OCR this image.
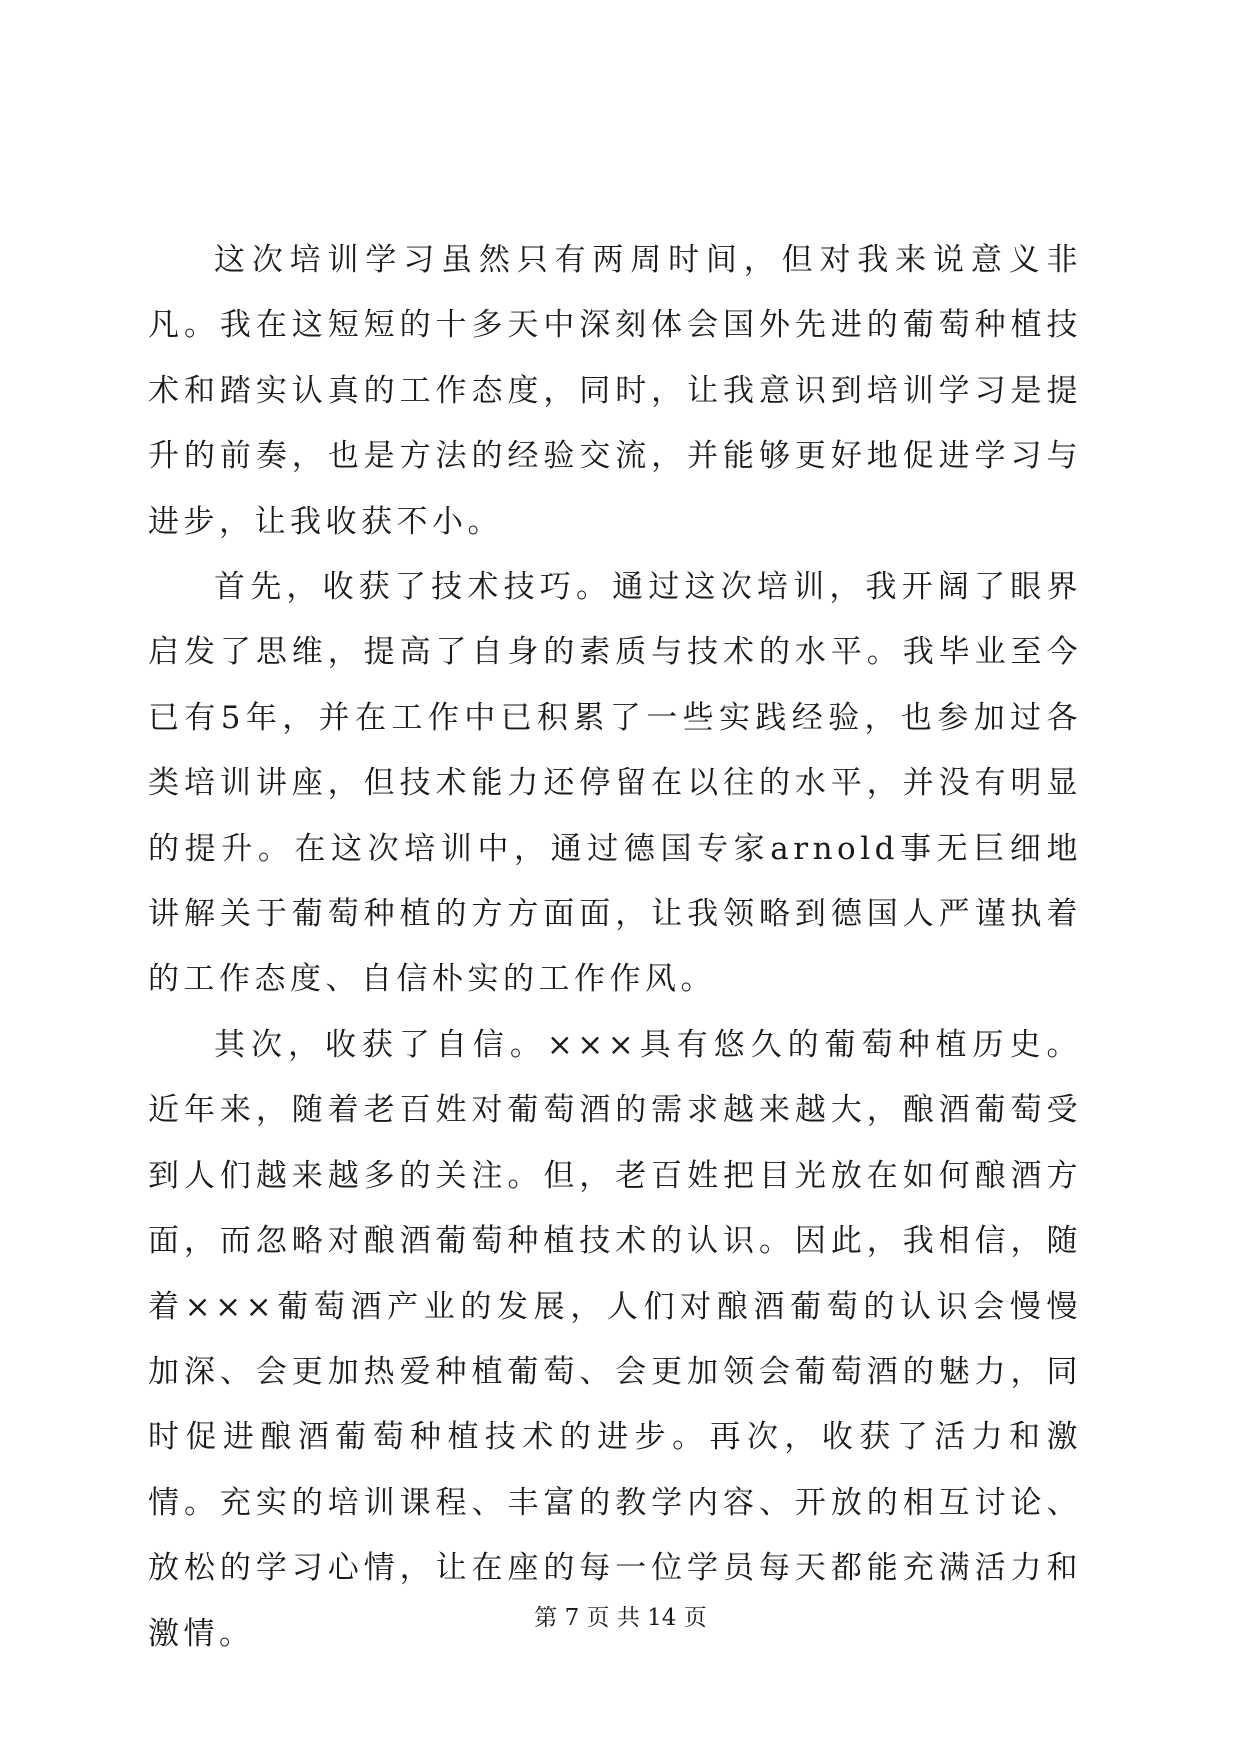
这次培训学习虽然只有两周时间，但对我来说意义非凡。我在这短短的十多天中深刻体会国外先进的葡萄种植技术和踏实认真的工作态度，同时，让我意识到培训学习是提升的前奏，也是方法的经验交流，并能够更好地促进学习与进步，让我收获不小。

首先，收获了技术技巧。通过这次培训，我开阔了眼界启发了思维，提高了自身的素质与技术的水平。我毕业至今已有5年，并在工作中已积累了一些实践经验，也参加过各类培训讲座，但技术能力还停留在以往的水平，并没有明显的提升。在这次培训中，通过德国专家arnold事无巨细地讲解关于葡萄种植的方方面面，让我领略到德国人严谨执着的工作态度、自信朴实的工作作风。

其次，收获了自信。×××具有悠久的葡萄种植历史。近年来，随着老百姓对葡萄酒的需求越来越大，酿酒葡萄受到人们越来越多的关注。但，老百姓把目光放在如何酿酒方面，而忽略对酿酒葡萄种植技术的认识。因此，我相信，随着×××葡萄酒产业的发展，人们对酿酒葡萄的认识会慢慢加深、会更加热爱种植葡萄、会更加领会葡萄酒的魅力，同时促进酿酒葡萄种植技术的进步。再次，收获了活力和激情。充实的培训课程、丰富的教学内容、开放的相互讨论、放松的学习心情，让在座的每一位学员每天都能充满活力和激情。	第 7 页 共 14 页
